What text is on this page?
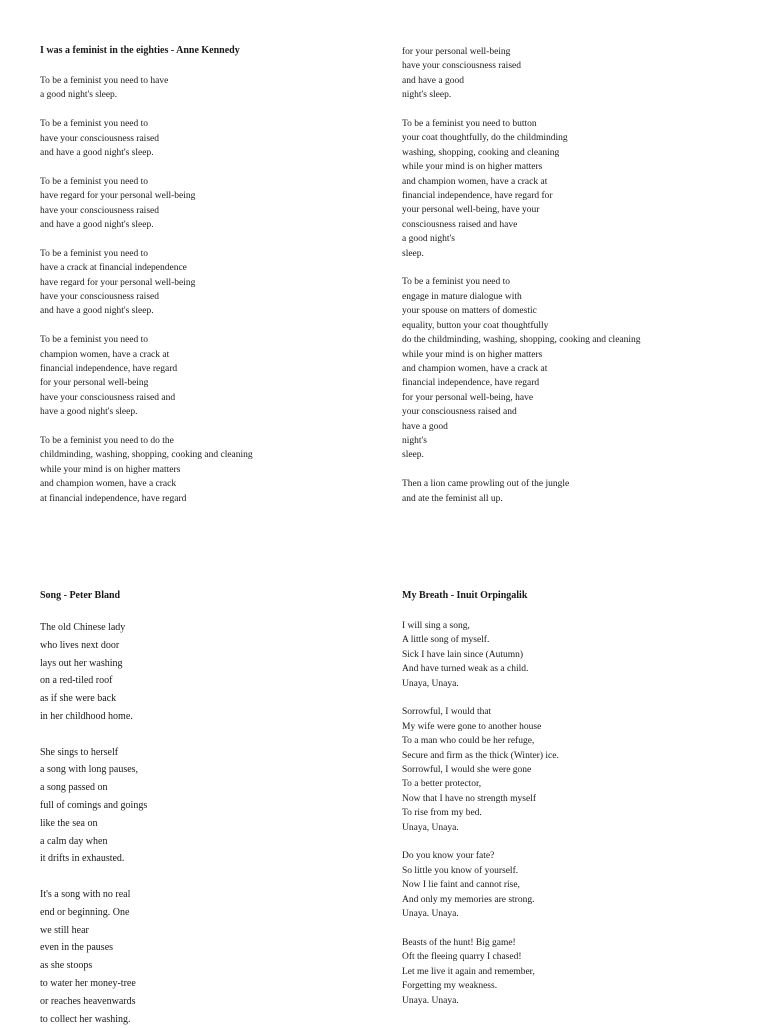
I was a feminist in the eighties - Anne Kennedy

To be a feminist you need to have
a good night's sleep.

To be a feminist you need to
have your consciousness raised
and have a good night's sleep.

To be a feminist you need to
have regard for your personal well-being
have your consciousness raised
and have a good night's sleep.

To be a feminist you need to
have a crack at financial independence
have regard for your personal well-being
have your consciousness raised
and have a good night's sleep.

To be a feminist you need to
champion women, have a crack at
financial independence, have regard
for your personal well-being
have your consciousness raised and
have a good night's sleep.

To be a feminist you need to do the
childminding, washing, shopping, cooking and cleaning
while your mind is on higher matters
and champion women, have a crack
at financial independence, have regard

for your personal well-being
have your consciousness raised
and have a good
night's sleep.

To be a feminist you need to button
your coat thoughtfully, do the childminding
washing, shopping, cooking and cleaning
while your mind is on higher matters
and champion women, have a crack at
financial independence, have regard for
your personal well-being, have your
consciousness raised and have
a good night's
sleep.

To be a feminist you need to
engage in mature dialogue with
your spouse on matters of domestic
equality, button your coat thoughtfully
do the childminding, washing, shopping, cooking and cleaning
while your mind is on higher matters
and champion women, have a crack at
financial independence, have regard
for your personal well-being, have
your consciousness raised and
have a good
night's
sleep.

Then a lion came prowling out of the jungle
and ate the feminist all up.

Song - Peter Bland

The old Chinese lady
who lives next door
lays out her washing
on a red-tiled roof
as if she were back
in her childhood home.

She sings to herself
a song with long pauses,
a song passed on
full of comings and goings
like the sea on
a calm day when
it drifts in exhausted.

It's a song with no real
end or beginning. One
we still hear
even in the pauses
as she stoops
to water her money-tree
or reaches heavenwards
to collect her washing.

My Breath - Inuit Orpingalik

I will sing a song,
A little song of myself.
Sick I have lain since (Autumn)
And have turned weak as a child.
Unaya, Unaya.

Sorrowful, I would that
My wife were gone to another house
To a man who could be her refuge,
Secure and firm as the thick (Winter) ice.
Sorrowful, I would she were gone
To a better protector,
Now that I have no strength myself
To rise from my bed.
Unaya, Unaya.

Do you know your fate?
So little you know of yourself.
Now I lie faint and cannot rise,
And only my memories are strong.
Unaya. Unaya.

Beasts of the hunt! Big game!
Oft the fleeing quarry I chased!
Let me live it again and remember,
Forgetting my weakness.
Unaya. Unaya.
